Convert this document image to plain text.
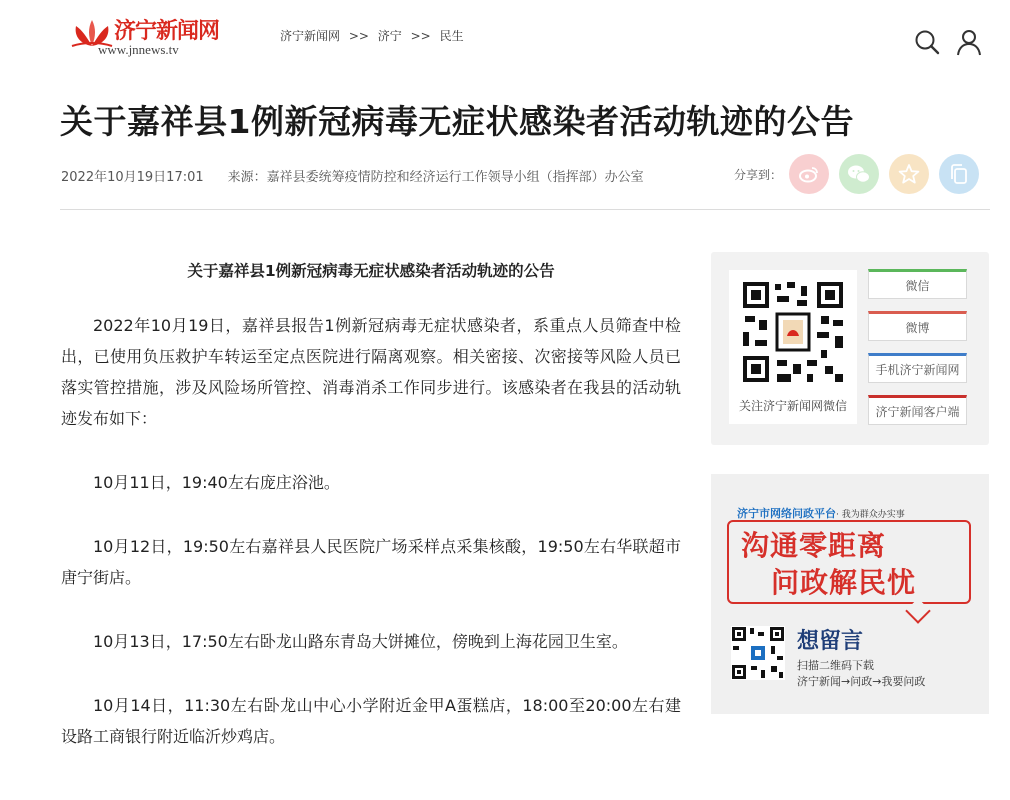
济宁新闻网
www.jnnews.tv
济宁新闻网 >> 济宁 >> 民生
关于嘉祥县1例新冠病毒无症状感染者活动轨迹的公告
2022年10月19日17:01 来源：嘉祥县委统筹疫情防控和经济运行工作领导小组（指挥部）办公室	分享到：
关于嘉祥县1例新冠病毒无症状感染者活动轨迹的公告

2022年10月19日，嘉祥县报告1例新冠病毒无症状感染者，系重点人员筛查中检出，已使用负压救护车转运至定点医院进行隔离观察。相关密接、次密接等风险人员已落实管控措施，涉及风险场所管控、消毒消杀工作同步进行。该感染者在我县的活动轨迹发布如下：

10月11日，19:40左右庞庄浴池。

10月12日，19:50左右嘉祥县人民医院广场采样点采集核酸，19:50左右华联超市唐宁街店。

10月13日，17:50左右卧龙山路东青岛大饼摊位，傍晚到上海花园卫生室。

10月14日，11:30左右卧龙山中心小学附近金甲A蛋糕店，18:00至20:00左右建设路工商银行附近临沂炒鸡店。

关注济宁新闻网微信
微信
微博
手机济宁新闻网
济宁新闻客户端
济宁市网络问政平台· 我为群众办实事
沟通零距离
问政解民忧
想留言
扫描二维码下载
济宁新闻→问政→我要问政
